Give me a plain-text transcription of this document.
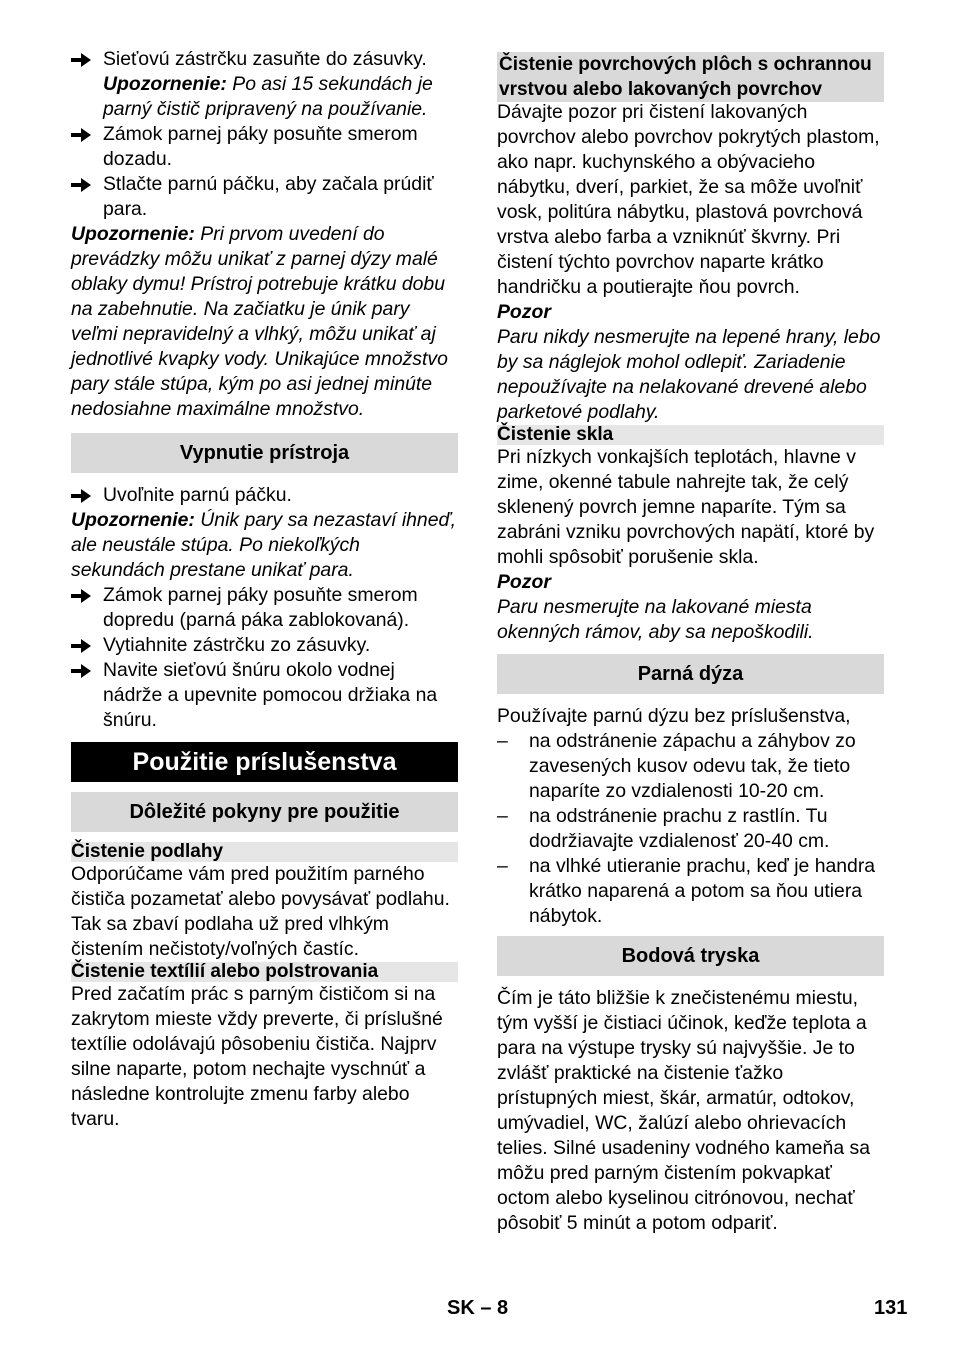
Sieťovú zástrčku zasuňte do zásuvky.

Upozornenie: Po asi 15 sekundách je parný čistič pripravený na používanie.

Zámok parnej páky posuňte smerom dozadu.

Stlačte parnú páčku, aby začala prúdiť para.

Upozornenie: Pri prvom uvedení do prevádzky môžu unikať z parnej dýzy malé oblaky dymu! Prístroj potrebuje krátku dobu na zabehnutie. Na začiatku je únik pary veľmi nepravidelný a vlhký, môžu unikať aj jednotlivé kvapky vody. Unikajúce množstvo pary stále stúpa, kým po asi jednej minúte nedosiahne maximálne množstvo.

Vypnutie prístroja

Uvoľnite parnú páčku.

Upozornenie: Únik pary sa nezastaví ihneď, ale neustále stúpa. Po niekoľkých sekundách prestane unikať para.

Zámok parnej páky posuňte smerom dopredu (parná páka zablokovaná).

Vytiahnite zástrčku zo zásuvky.

Navite sieťovú šnúru okolo vodnej nádrže a upevnite pomocou držiaka na šnúru.

Použitie príslušenstva
Dôležité pokyny pre použitie
Čistenie podlahy

Odporúčame vám pred použitím parného čističa pozametať alebo povysávať podlahu. Tak sa zbaví podlaha už pred vlhkým čistením nečistoty/voľných častíc.

Čistenie textílií alebo polstrovania

Pred začatím prác s parným čističom si na zakrytom mieste vždy preverte, či príslušné textílie odolávajú pôsobeniu čističa. Najprv silne naparte, potom nechajte vyschnúť a následne kontrolujte zmenu farby alebo tvaru.

Čistenie povrchových plôch s ochrannou vrstvou alebo lakovaných povrchov

Dávajte pozor pri čistení lakovaných povrchov alebo povrchov pokrytých plastom, ako napr. kuchynského a obývacieho nábytku, dverí, parkiet, že sa môže uvoľniť vosk, politúra nábytku, plastová povrchová vrstva alebo farba a vzniknúť škvrny. Pri čistení týchto povrchov naparte krátko handričku a poutierajte ňou povrch.

Pozor

Paru nikdy nesmerujte na lepené hrany, lebo by sa náglejok mohol odlepiť. Zariadenie nepoužívajte na nelakované drevené alebo parketové podlahy.

Čistenie skla

Pri nízkych vonkajších teplotách, hlavne v zime, okenné tabule nahrejte tak, že celý sklenený povrch jemne naparíte. Tým sa zabráni vzniku povrchových napätí, ktoré by mohli spôsobiť porušenie skla.

Pozor

Paru nesmerujte na lakované miesta okenných rámov, aby sa nepoškodili.

Parná dýza

Používajte parnú dýzu bez príslušenstva,

– na odstránenie zápachu a záhybov zo zavesených kusov odevu tak, že tieto naparíte zo vzdialenosti 10-20 cm.

– na odstránenie prachu z rastlín. Tu dodržiavajte vzdialenosť 20-40 cm.

– na vlhké utieranie prachu, keď je handra krátko naparená a potom sa ňou utiera nábytok.

Bodová tryska

Čím je táto bližšie k znečistenému miestu, tým vyšší je čistiaci účinok, keďže teplota a para na výstupe trysky sú najvyššie. Je to zvlášť praktické na čistenie ťažko prístupných miest, škár, armatúr, odtokov, umývadiel, WC, žalúzí alebo ohrievacích telies. Silné usadeniny vodného kameňa sa môžu pred parným čistením pokvapkať octom alebo kyselinou citrónovou, nechať pôsobiť 5 minút a potom odpariť.

SK – 8	131
